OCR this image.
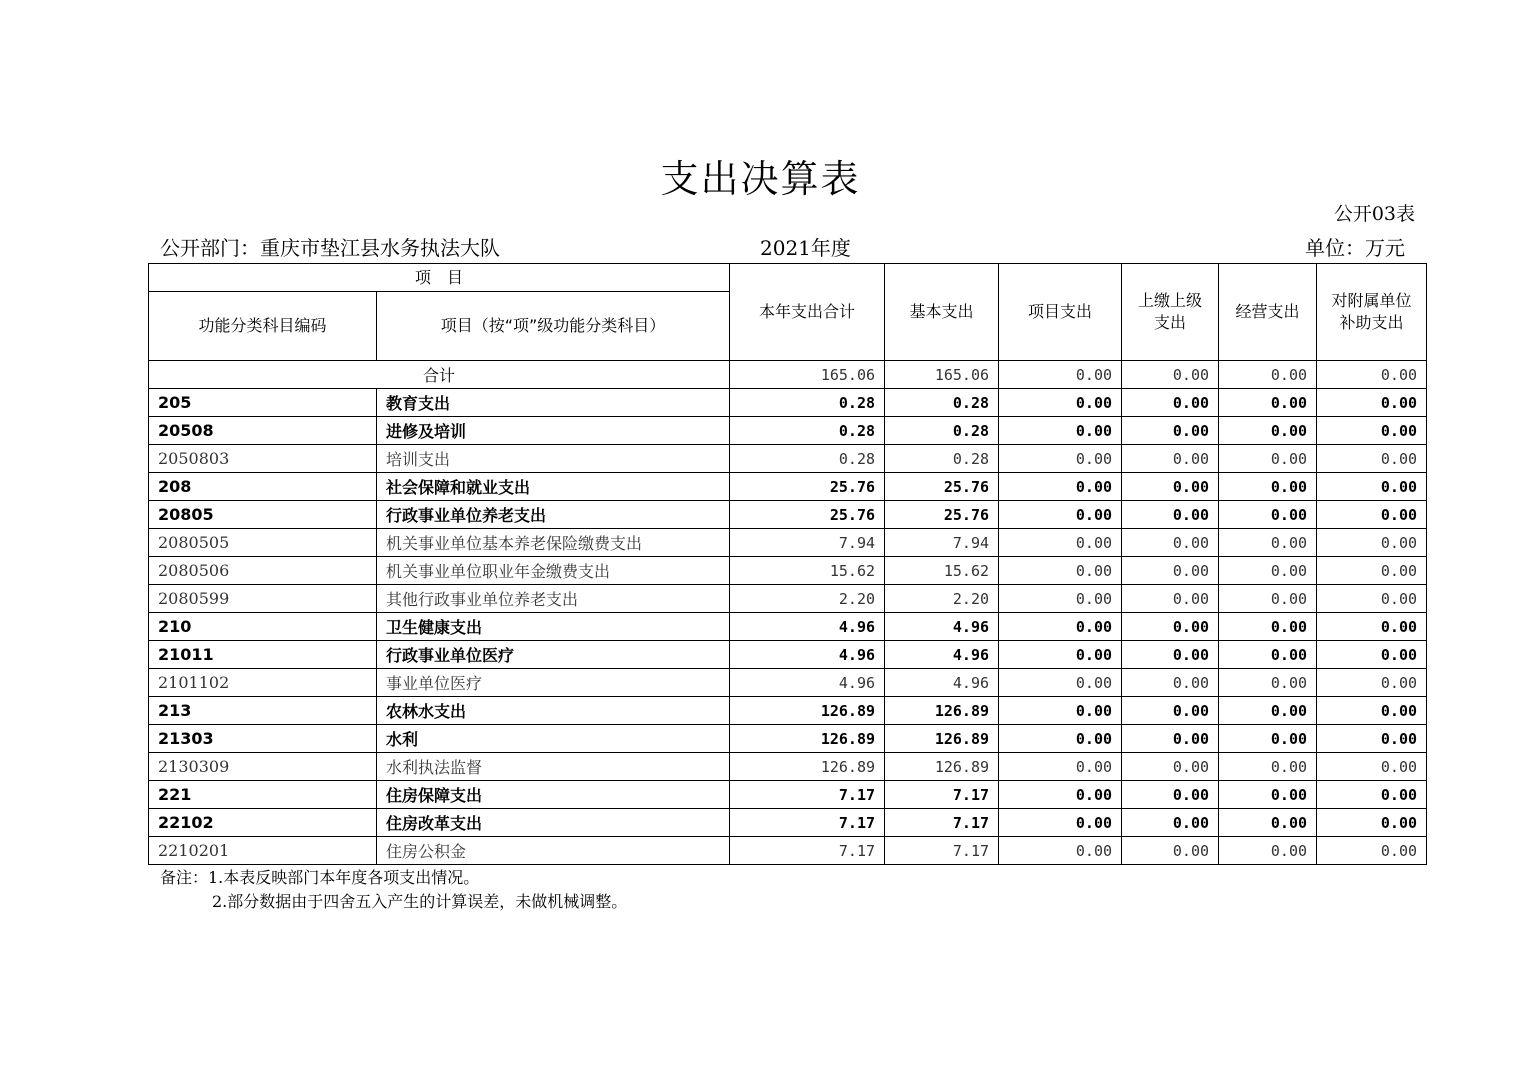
支出决算表
公开03表
公开部门：重庆市垫江县水务执法大队	2021年度	单位：万元
项　目		本年支出合计	基本支出	项目支出	上缴上级支出	经营支出	对附属单位补助支出
功能分类科目编码	项目（按“项”级功能分类科目）						
合计		165.06	165.06	0.00	0.00	0.00	0.00
205	教育支出	0.28	0.28	0.00	0.00	0.00	0.00
20508	进修及培训	0.28	0.28	0.00	0.00	0.00	0.00
2050803	培训支出	0.28	0.28	0.00	0.00	0.00	0.00
208	社会保障和就业支出	25.76	25.76	0.00	0.00	0.00	0.00
20805	行政事业单位养老支出	25.76	25.76	0.00	0.00	0.00	0.00
2080505	机关事业单位基本养老保险缴费支出	7.94	7.94	0.00	0.00	0.00	0.00
2080506	机关事业单位职业年金缴费支出	15.62	15.62	0.00	0.00	0.00	0.00
2080599	其他行政事业单位养老支出	2.20	2.20	0.00	0.00	0.00	0.00
210	卫生健康支出	4.96	4.96	0.00	0.00	0.00	0.00
21011	行政事业单位医疗	4.96	4.96	0.00	0.00	0.00	0.00
2101102	事业单位医疗	4.96	4.96	0.00	0.00	0.00	0.00
213	农林水支出	126.89	126.89	0.00	0.00	0.00	0.00
21303	水利	126.89	126.89	0.00	0.00	0.00	0.00
2130309	水利执法监督	126.89	126.89	0.00	0.00	0.00	0.00
221	住房保障支出	7.17	7.17	0.00	0.00	0.00	0.00
22102	住房改革支出	7.17	7.17	0.00	0.00	0.00	0.00
2210201	住房公积金	7.17	7.17	0.00	0.00	0.00	0.00
备注：1.本表反映部门本年度各项支出情况。
2.部分数据由于四舍五入产生的计算误差，未做机械调整。
